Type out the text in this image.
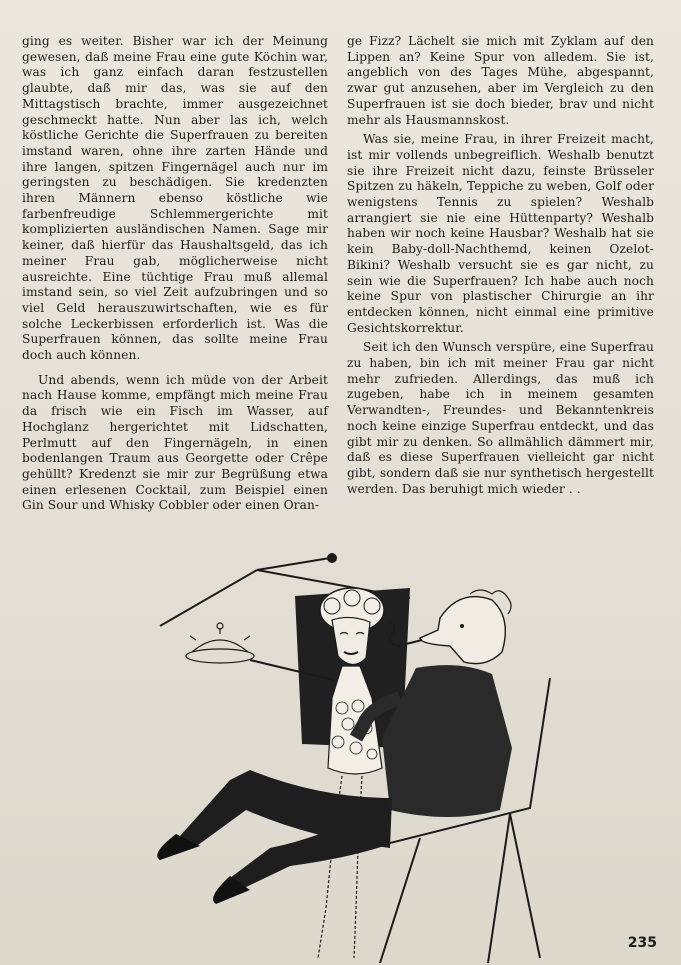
ging es weiter. Bisher war ich der Meinung gewesen, daß meine Frau eine gute Köchin war, was ich ganz einfach daran festzustellen glaubte, daß mir das, was sie auf den Mittagstisch brachte, immer ausgezeichnet geschmeckt hatte. Nun aber las ich, welch köstliche Gerichte die Superfrauen zu bereiten imstand waren, ohne ihre zarten Hände und ihre langen, spitzen Fingernägel auch nur im geringsten zu beschädigen. Sie kredenzten ihren Männern ebenso köstliche wie farbenfreudige Schlemmergerichte mit komplizierten ausländischen Namen. Sage mir keiner, daß hierfür das Haushaltsgeld, das ich meiner Frau gab, möglicherweise nicht ausreichte. Eine tüchtige Frau muß allemal imstand sein, so viel Zeit aufzubringen und so viel Geld herauszuwirtschaften, wie es für solche Leckerbissen erforderlich ist. Was die Superfrauen können, das sollte meine Frau doch auch können.

Und abends, wenn ich müde von der Arbeit nach Hause komme, empfängt mich meine Frau da frisch wie ein Fisch im Wasser, auf Hochglanz hergerichtet mit Lidschatten, Perlmutt auf den Fingernägeln, in einen bodenlangen Traum aus Georgette oder Crêpe gehüllt? Kredenzt sie mir zur Begrüßung etwa einen erlesenen Cocktail, zum Beispiel einen Gin Sour und Whisky Cobbler oder einen Oran-

ge Fizz? Lächelt sie mich mit Zyklam auf den Lippen an? Keine Spur von alledem. Sie ist, angeblich von des Tages Mühe, abgespannt, zwar gut anzusehen, aber im Vergleich zu den Superfrauen ist sie doch bieder, brav und nicht mehr als Hausmannskost.

Was sie, meine Frau, in ihrer Freizeit macht, ist mir vollends unbegreiflich. Weshalb benutzt sie ihre Freizeit nicht dazu, feinste Brüsseler Spitzen zu häkeln, Teppiche zu weben, Golf oder wenigstens Tennis zu spielen? Weshalb arrangiert sie nie eine Hüttenparty? Weshalb haben wir noch keine Hausbar? Weshalb hat sie kein Baby-doll-Nachthemd, keinen Ozelot-Bikini? Weshalb versucht sie es gar nicht, zu sein wie die Superfrauen? Ich habe auch noch keine Spur von plastischer Chirurgie an ihr entdecken können, nicht einmal eine primitive Gesichtskorrektur.

Seit ich den Wunsch verspüre, eine Superfrau zu haben, bin ich mit meiner Frau gar nicht mehr zufrieden. Allerdings, das muß ich zugeben, habe ich in meinem gesamten Verwandten-, Freundes- und Bekanntenkreis noch keine einzige Superfrau entdeckt, und das gibt mir zu denken. So allmählich dämmert mir, daß es diese Superfrauen vielleicht gar nicht gibt, sondern daß sie nur synthetisch hergestellt werden. Das beruhigt mich wieder . .

235
